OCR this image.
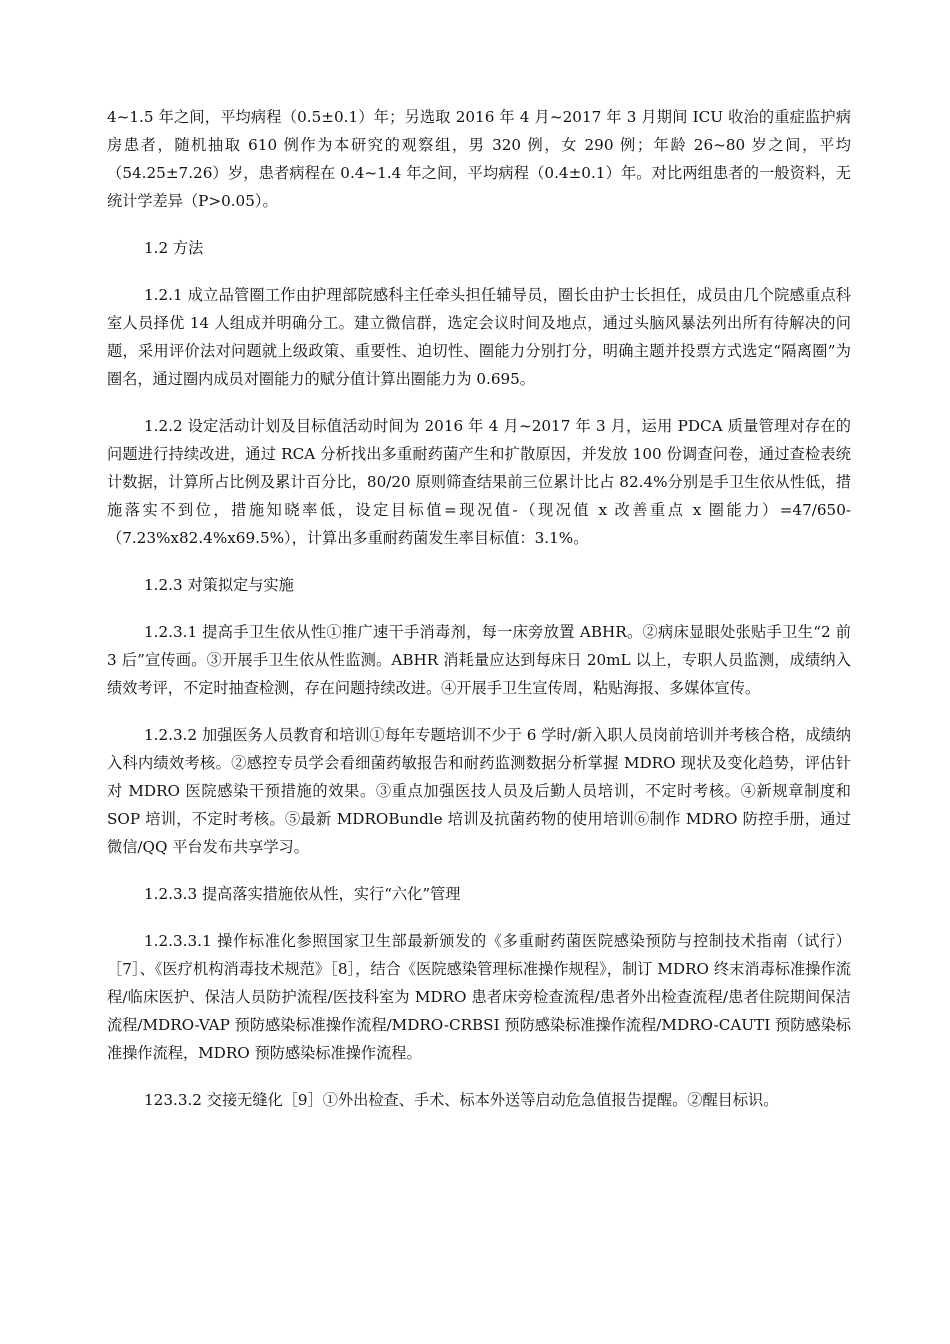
4~1.5 年之间，平均病程（0.5±0.1）年；另选取 2016 年 4 月~2017 年 3 月期间 ICU 收治的重症监护病房患者，随机抽取 610 例作为本研究的观察组，男 320 例，女 290 例；年龄 26~80 岁之间，平均（54.25±7.26）岁，患者病程在 0.4~1.4 年之间，平均病程（0.4±0.1）年。对比两组患者的一般资料，无统计学差异（P>0.05）。

1.2 方法

1.2.1 成立品管圈工作由护理部院感科主任牵头担任辅导员，圈长由护士长担任，成员由几个院感重点科室人员择优 14 人组成并明确分工。建立微信群，选定会议时间及地点，通过头脑风暴法列出所有待解决的问题，采用评价法对问题就上级政策、重要性、迫切性、圈能力分别打分，明确主题并投票方式选定“隔离圈”为圈名，通过圈内成员对圈能力的赋分值计算出圈能力为 0.695。

1.2.2 设定活动计划及目标值活动时间为 2016 年 4 月~2017 年 3 月，运用 PDCA 质量管理对存在的问题进行持续改进，通过 RCA 分析找出多重耐药菌产生和扩散原因，并发放 100 份调查问卷，通过查检表统计数据，计算所占比例及累计百分比，80/20 原则筛查结果前三位累计比占 82.4%分别是手卫生依从性低，措施落实不到位，措施知晓率低，设定目标值=现况值-（现况值 x 改善重点 x 圈能力）=47/650-（7.23%x82.4%x69.5%），计算出多重耐药菌发生率目标值：3.1%。

1.2.3 对策拟定与实施

1.2.3.1 提高手卫生依从性①推广速干手消毒剂，每一床旁放置 ABHR。②病床显眼处张贴手卫生“2 前 3 后”宣传画。③开展手卫生依从性监测。ABHR 消耗量应达到每床日 20mL 以上，专职人员监测，成绩纳入绩效考评，不定时抽查检测，存在问题持续改进。④开展手卫生宣传周，粘贴海报、多媒体宣传。

1.2.3.2 加强医务人员教育和培训①每年专题培训不少于 6 学时/新入职人员岗前培训并考核合格，成绩纳入科内绩效考核。②感控专员学会看细菌药敏报告和耐药监测数据分析掌握 MDRO 现状及变化趋势，评估针对 MDRO 医院感染干预措施的效果。③重点加强医技人员及后勤人员培训，不定时考核。④新规章制度和 SOP 培训，不定时考核。⑤最新 MDROBundle 培训及抗菌药物的使用培训⑥制作 MDRO 防控手册，通过微信/QQ 平台发布共享学习。

1.2.3.3 提高落实措施依从性，实行“六化”管理

1.2.3.3.1 操作标准化参照国家卫生部最新颁发的《多重耐药菌医院感染预防与控制技术指南（试行）［7］、《医疗机构消毒技术规范》［8］，结合《医院感染管理标准操作规程》，制订 MDRO 终末消毒标准操作流程/临床医护、保洁人员防护流程/医技科室为 MDRO 患者床旁检查流程/患者外出检查流程/患者住院期间保洁流程/MDRO-VAP 预防感染标准操作流程/MDRO-CRBSI 预防感染标准操作流程/MDRO-CAUTI 预防感染标准操作流程，MDRO 预防感染标准操作流程。

123.3.2 交接无缝化［9］①外出检查、手术、标本外送等启动危急值报告提醒。②醒目标识。
